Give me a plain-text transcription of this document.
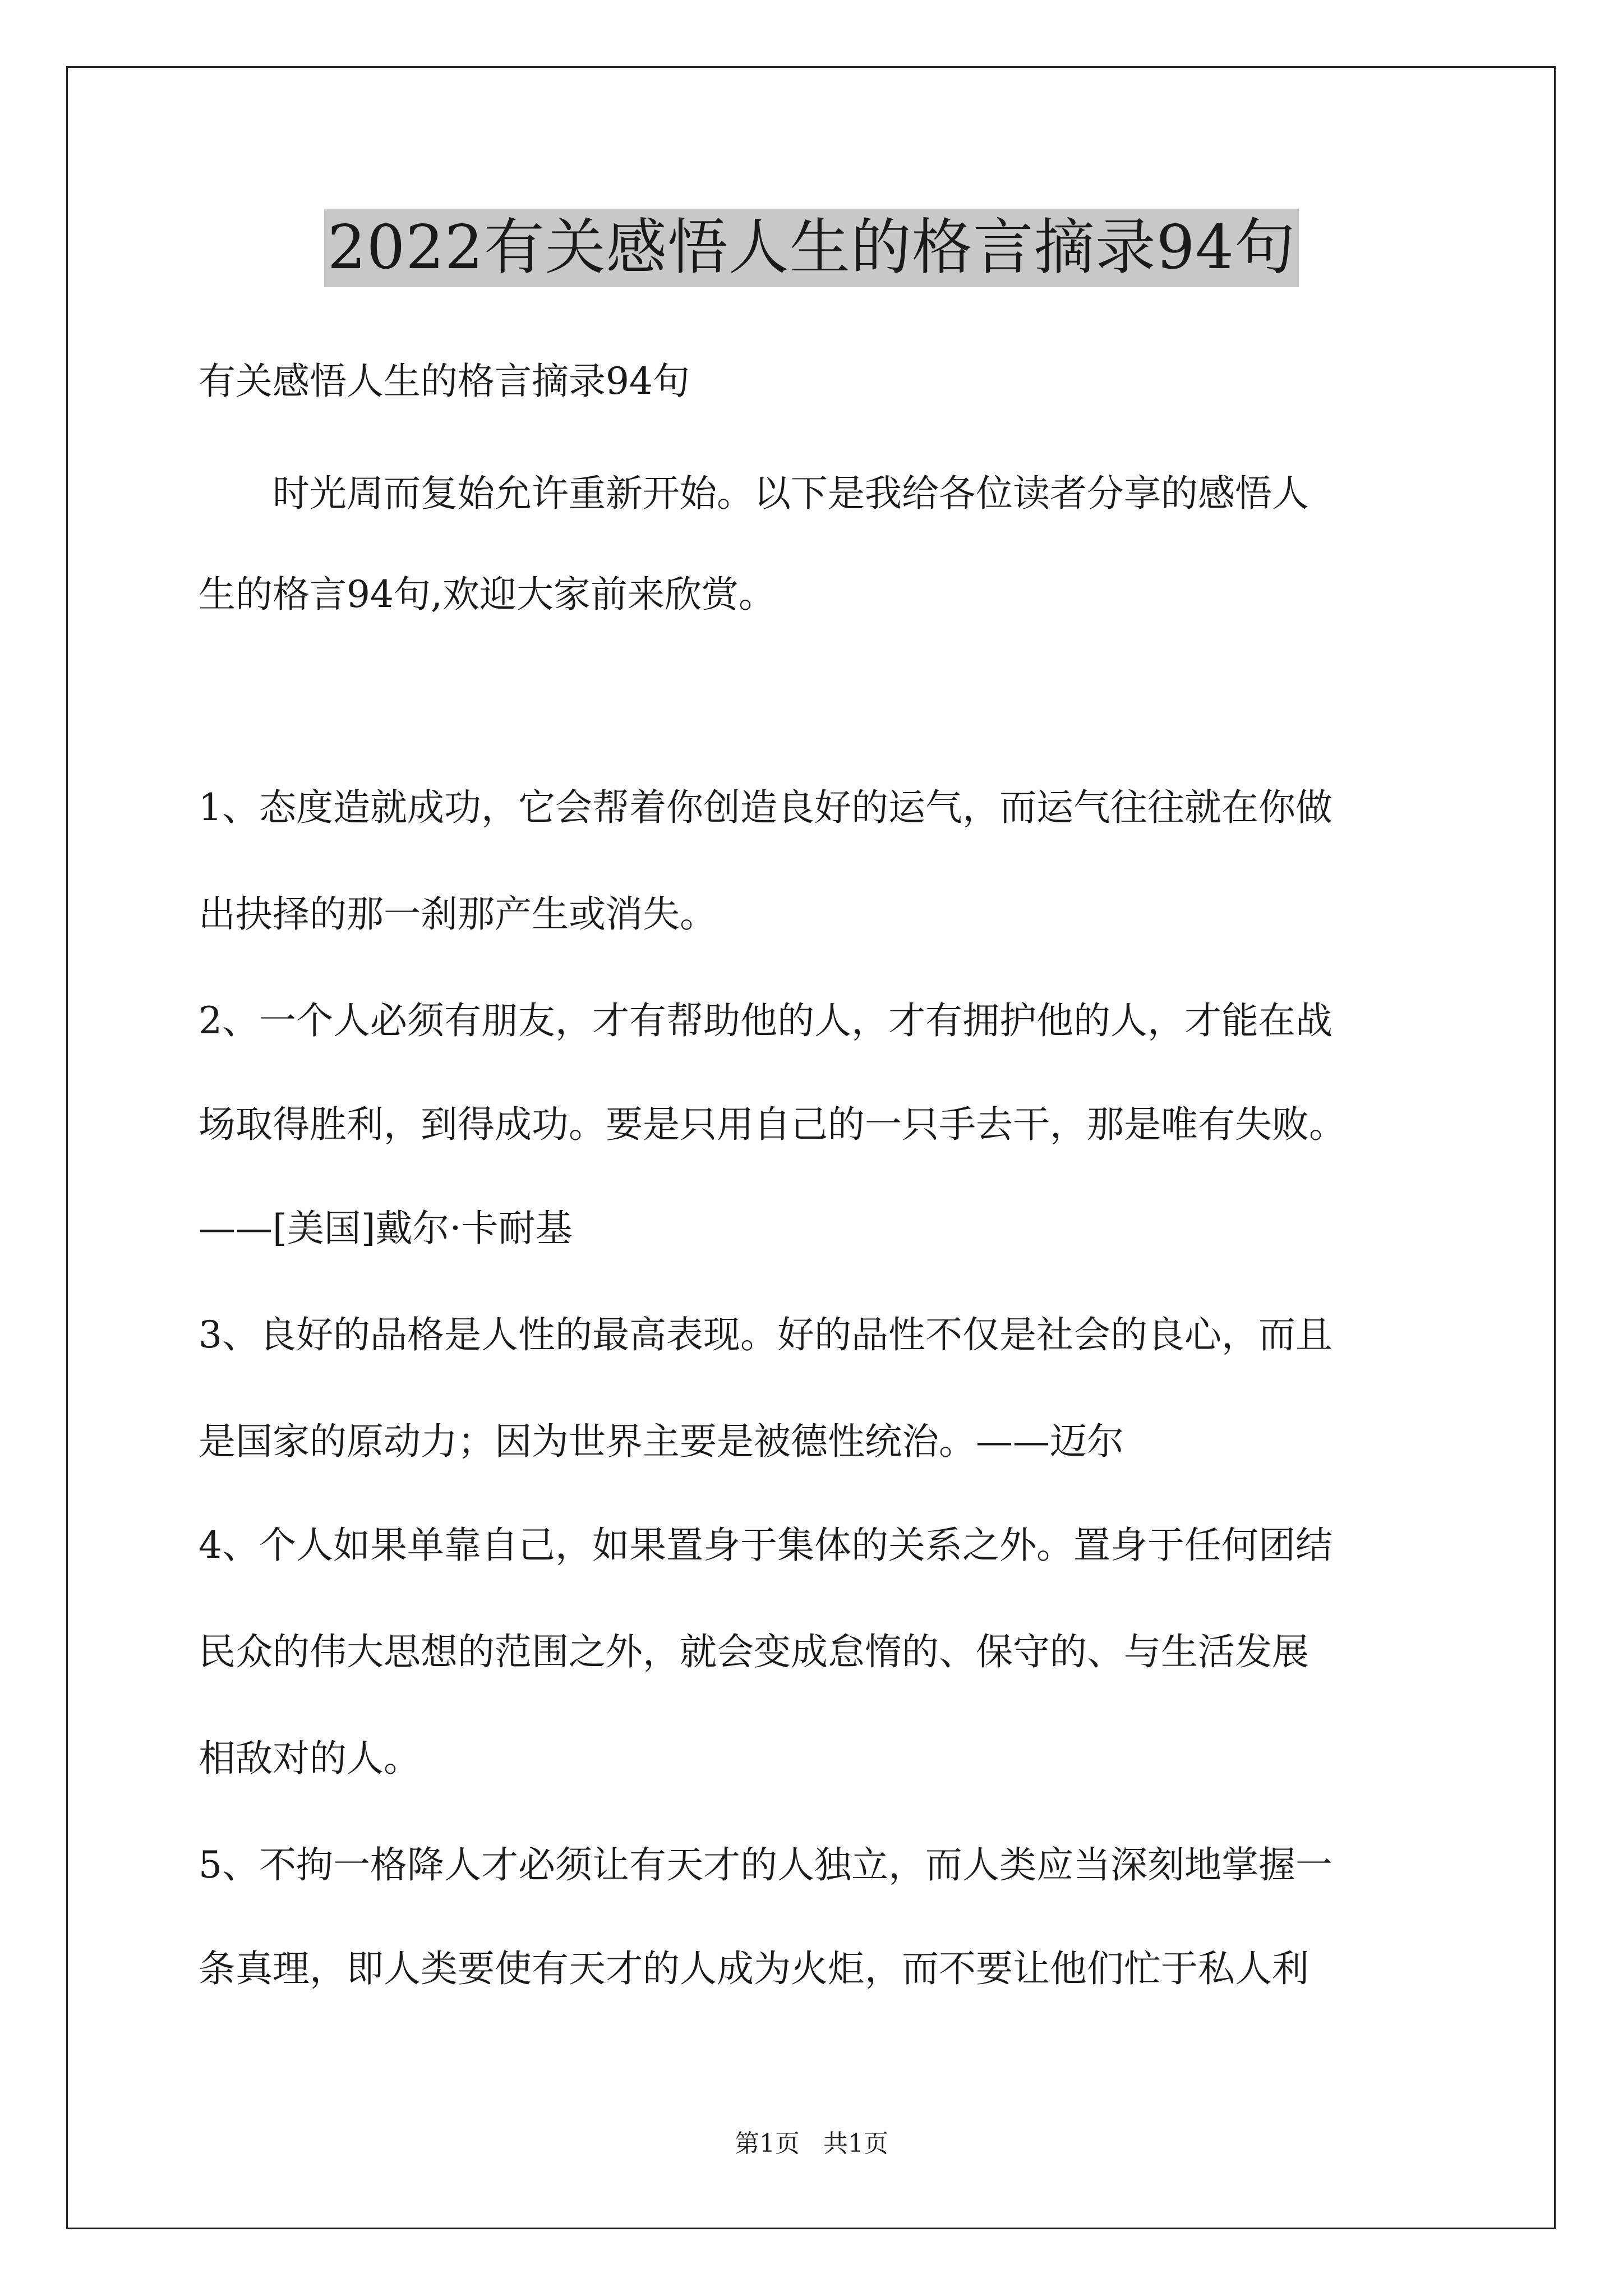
2022有关感悟人生的格言摘录94句
有关感悟人生的格言摘录94句
　时光周而复始允许重新开始。以下是我给各位读者分享的感悟人
生的格言94句,欢迎大家前来欣赏。
1、态度造就成功，它会帮着你创造良好的运气，而运气往往就在你做
出抉择的那一刹那产生或消失。
2、一个人必须有朋友，才有帮助他的人，才有拥护他的人，才能在战
场取得胜利，到得成功。要是只用自己的一只手去干，那是唯有失败。
——[美国]戴尔·卡耐基
3、良好的品格是人性的最高表现。好的品性不仅是社会的良心，而且
是国家的原动力；因为世界主要是被德性统治。——迈尔
4、个人如果单靠自己，如果置身于集体的关系之外。置身于任何团结
民众的伟大思想的范围之外，就会变成怠惰的、保守的、与生活发展
相敌对的人。
5、不拘一格降人才必须让有天才的人独立，而人类应当深刻地掌握一
条真理，即人类要使有天才的人成为火炬，而不要让他们忙于私人利
第1页 共1页
